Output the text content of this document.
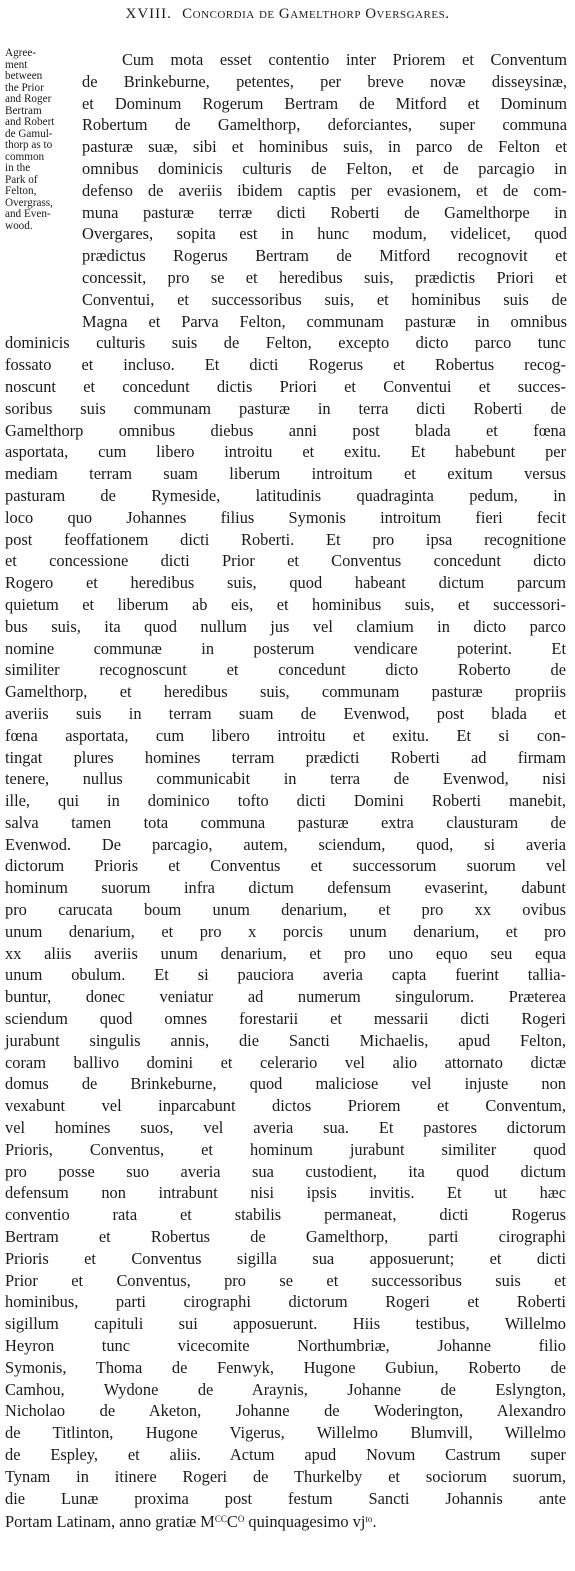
XVIII. Concordia de Gamelthorp Oversgares.
Agree-
ment
between
the Prior
and Roger
Bertram
and Robert
de Gamul-
thorp as to
common
in the
Park of
Felton,
Overgrass,
and Even-
wood.
Cum mota esset contentio inter Priorem et Conventum
de Brinkeburne, petentes, per breve novæ disseysinæ,
et Dominum Rogerum Bertram de Mitford et Dominum
Robertum de Gamelthorp, deforciantes, super communa
pasturæ suæ, sibi et hominibus suis, in parco de Felton et
omnibus dominicis culturis de Felton, et de parcagio in
defenso de averiis ibidem captis per evasionem, et de com-
muna pasturæ terræ dicti Roberti de Gamelthorpe in
Overgares, sopita est in hunc modum, videlicet, quod
prædictus Rogerus Bertram de Mitford recognovit et
concessit, pro se et heredibus suis, prædictis Priori et
Conventui, et successoribus suis, et hominibus suis de
Magna et Parva Felton, communam pasturæ in omnibus
dominicis culturis suis de Felton, excepto dicto parco tunc
fossato et incluso. Et dicti Rogerus et Robertus recog-
noscunt et concedunt dictis Priori et Conventui et succes-
soribus suis communam pasturæ in terra dicti Roberti de
Gamelthorp omnibus diebus anni post blada et fœna
asportata, cum libero introitu et exitu. Et habebunt per
mediam terram suam liberum introitum et exitum versus
pasturam de Rymeside, latitudinis quadraginta pedum, in
loco quo Johannes filius Symonis introitum fieri fecit
post feoffationem dicti Roberti. Et pro ipsa recognitione
et concessione dicti Prior et Conventus concedunt dicto
Rogero et heredibus suis, quod habeant dictum parcum
quietum et liberum ab eis, et hominibus suis, et successori-
bus suis, ita quod nullum jus vel clamium in dicto parco
nomine communæ in posterum vendicare poterint. Et
similiter recognoscunt et concedunt dicto Roberto de
Gamelthorp, et heredibus suis, communam pasturæ propriis
averiis suis in terram suam de Evenwod, post blada et
fœna asportata, cum libero introitu et exitu. Et si con-
tingat plures homines terram prædicti Roberti ad firmam
tenere, nullus communicabit in terra de Evenwod, nisi
ille, qui in dominico tofto dicti Domini Roberti manebit,
salva tamen tota communa pasturæ extra clausturam de
Evenwod. De parcagio, autem, sciendum, quod, si averia
dictorum Prioris et Conventus et successorum suorum vel
hominum suorum infra dictum defensum evaserint, dabunt
pro carucata boum unum denarium, et pro xx ovibus
unum denarium, et pro x porcis unum denarium, et pro
xx aliis averiis unum denarium, et pro uno equo seu equa
unum obulum. Et si pauciora averia capta fuerint tallia-
buntur, donec veniatur ad numerum singulorum. Præterea
sciendum quod omnes forestarii et messarii dicti Rogeri
jurabunt singulis annis, die Sancti Michaelis, apud Felton,
coram ballivo domini et celerario vel alio attornato dictæ
domus de Brinkeburne, quod maliciose vel injuste non
vexabunt vel inparcabunt dictos Priorem et Conventum,
vel homines suos, vel averia sua. Et pastores dictorum
Prioris, Conventus, et hominum jurabunt similiter quod
pro posse suo averia sua custodient, ita quod dictum
defensum non intrabunt nisi ipsis invitis. Et ut hæc
conventio rata et stabilis permaneat, dicti Rogerus
Bertram et Robertus de Gamelthorp, parti cirographi
Prioris et Conventus sigilla sua apposuerunt; et dicti
Prior et Conventus, pro se et successoribus suis et
hominibus, parti cirographi dictorum Rogeri et Roberti
sigillum capituli sui apposuerunt. Hiis testibus, Willelmo
Heyron tunc vicecomite Northumbriæ, Johanne filio
Symonis, Thoma de Fenwyk, Hugone Gubiun, Roberto de
Camhou, Wydone de Araynis, Johanne de Eslyngton,
Nicholao de Aketon, Johanne de Woderington, Alexandro
de Titlinton, Hugone Vigerus, Willelmo Blumvill, Willelmo
de Espley, et aliis. Actum apud Novum Castrum super
Tynam in itinere Rogeri de Thurkelby et sociorum suorum,
die Lunæ proxima post festum Sancti Johannis ante
Portam Latinam, anno gratiæ $M^{CC}C^O$ quinquagesimo $vj^{to}$.
